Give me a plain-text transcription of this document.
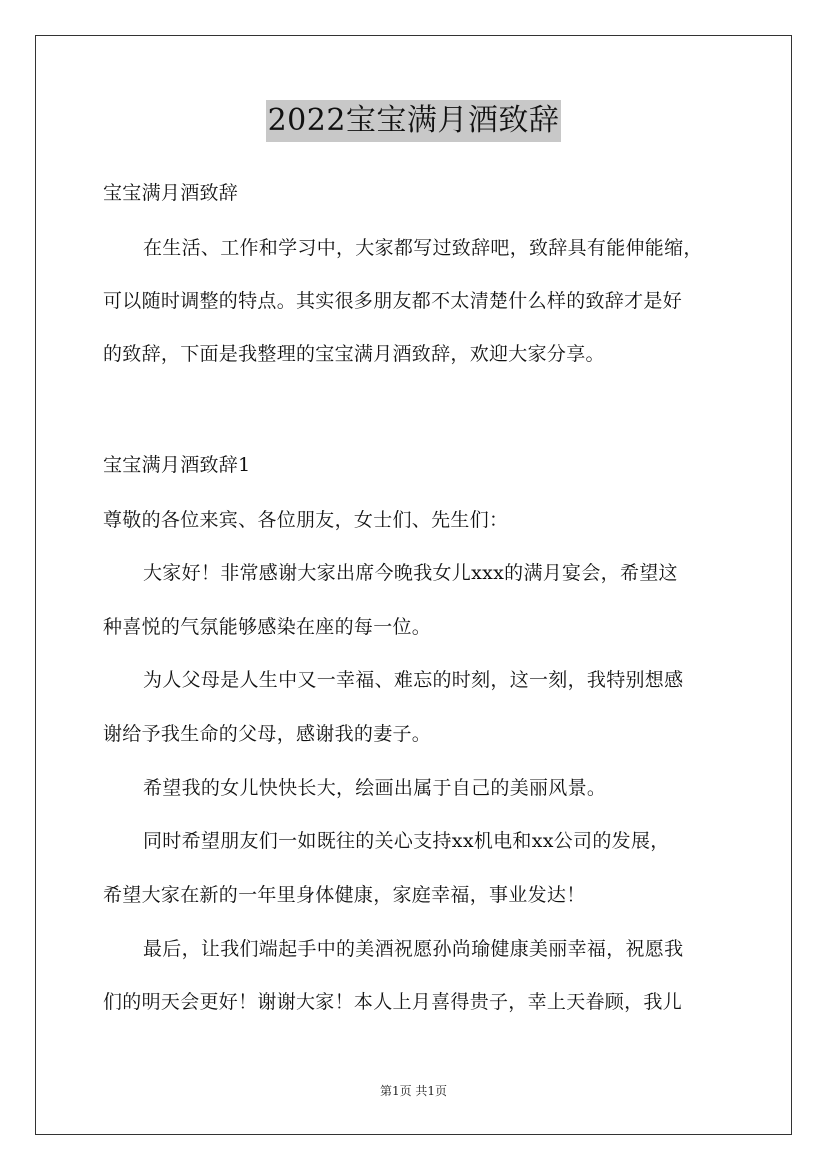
2022宝宝满月酒致辞
宝宝满月酒致辞
在生活、工作和学习中，大家都写过致辞吧，致辞具有能伸能缩，
可以随时调整的特点。其实很多朋友都不太清楚什么样的致辞才是好
的致辞，下面是我整理的宝宝满月酒致辞，欢迎大家分享。
宝宝满月酒致辞1
尊敬的各位来宾、各位朋友，女士们、先生们：
大家好！非常感谢大家出席今晚我女儿xxx的满月宴会，希望这
种喜悦的气氛能够感染在座的每一位。
为人父母是人生中又一幸福、难忘的时刻，这一刻，我特别想感
谢给予我生命的父母，感谢我的妻子。
希望我的女儿快快长大，绘画出属于自己的美丽风景。
同时希望朋友们一如既往的关心支持xx机电和xx公司的发展，
希望大家在新的一年里身体健康，家庭幸福，事业发达！
最后，让我们端起手中的美酒祝愿孙尚瑜健康美丽幸福，祝愿我
们的明天会更好！谢谢大家！本人上月喜得贵子，幸上天眷顾，我儿
第1页 共1页
